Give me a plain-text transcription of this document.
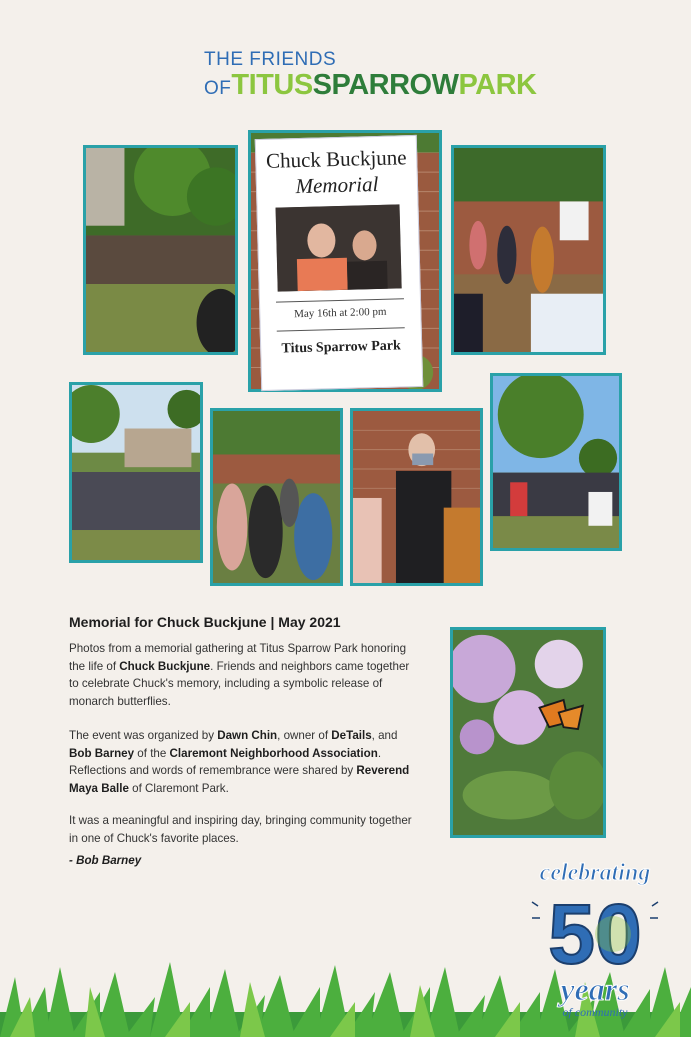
THE FRIENDS
OFTITUSSPARROWPARK
Chuck Buckjune
Memorial
May 16th at 2:00 pm
Titus Sparrow Park
Memorial for Chuck Buckjune | May 2021
Photos from a memorial gathering at Titus Sparrow Park honoring the life of Chuck Buckjune. Friends and neighbors came together to celebrate Chuck's memory, including a symbolic release of monarch butterflies.
The event was organized by Dawn Chin, owner of DeTails, and Bob Barney of the Claremont Neighborhood Association. Reflections and words of remembrance were shared by Reverend Maya Balle of Claremont Park.
It was a meaningful and inspiring day, bringing community together in one of Chuck's favorite places.
- Bob Barney	celebrating
50
years
of community
